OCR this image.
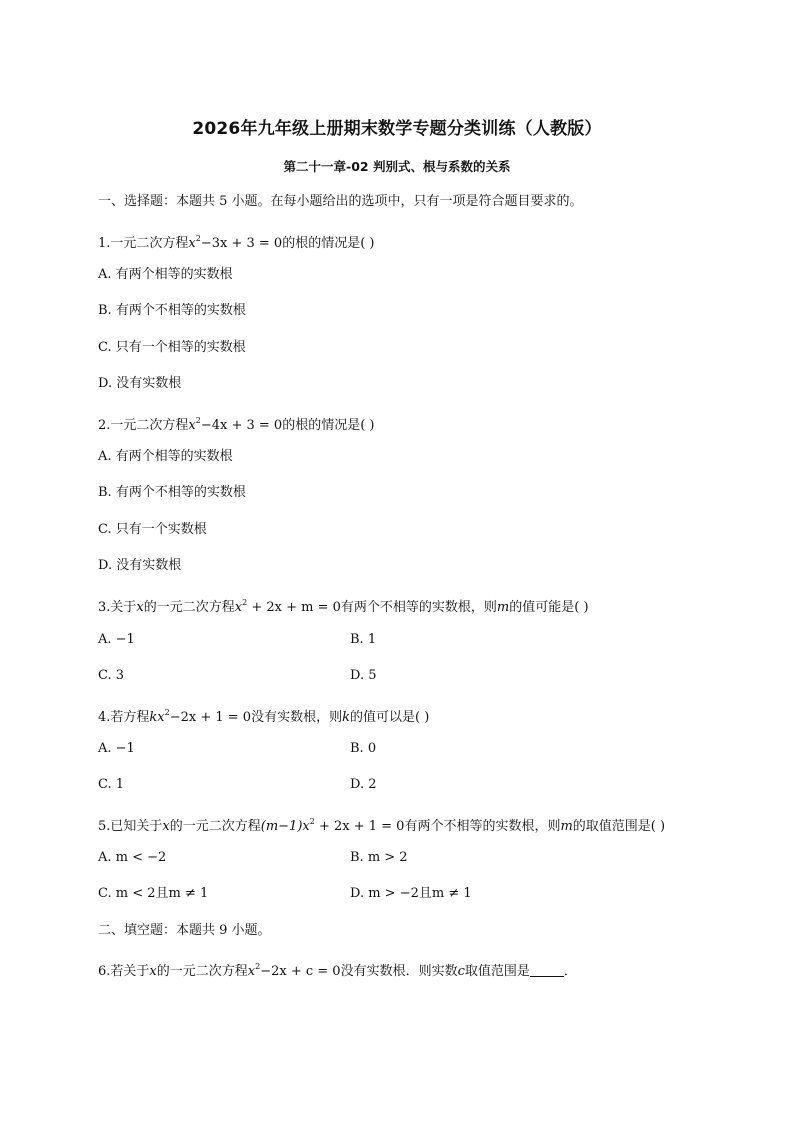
2026年九年级上册期末数学专题分类训练（人教版）
第二十一章-02 判别式、根与系数的关系
一、选择题：本题共 5 小题。在每小题给出的选项中，只有一项是符合题目要求的。
1.一元二次方程$x^2-3x + 3 = 0$的根的情况是( )
A. 有两个相等的实数根
B. 有两个不相等的实数根
C. 只有一个相等的实数根
D. 没有实数根
2.一元二次方程$x^2-4x + 3 = 0$的根的情况是( )
A. 有两个相等的实数根
B. 有两个不相等的实数根
C. 只有一个实数根
D. 没有实数根
3.关于x的一元二次方程$x^2 + 2x + m = 0$有两个不相等的实数根，则m的值可能是( )
A. −1	B. 1
C. 3	D. 5
4.若方程$kx^2-2x + 1 = 0$没有实数根，则k的值可以是( )
A. −1	B. 0
C. 1	D. 2
5.已知关于x的一元二次方程$(m-1)x^2 + 2x + 1 = 0$有两个不相等的实数根，则m的取值范围是( )
A. m < −2	B. m > 2
C. m < 2且m ≠ 1	D. m > −2且m ≠ 1
二、填空题：本题共 9 小题。
6.若关于x的一元二次方程$x^2-2x + c = 0$没有实数根．则实数c取值范围是	．
